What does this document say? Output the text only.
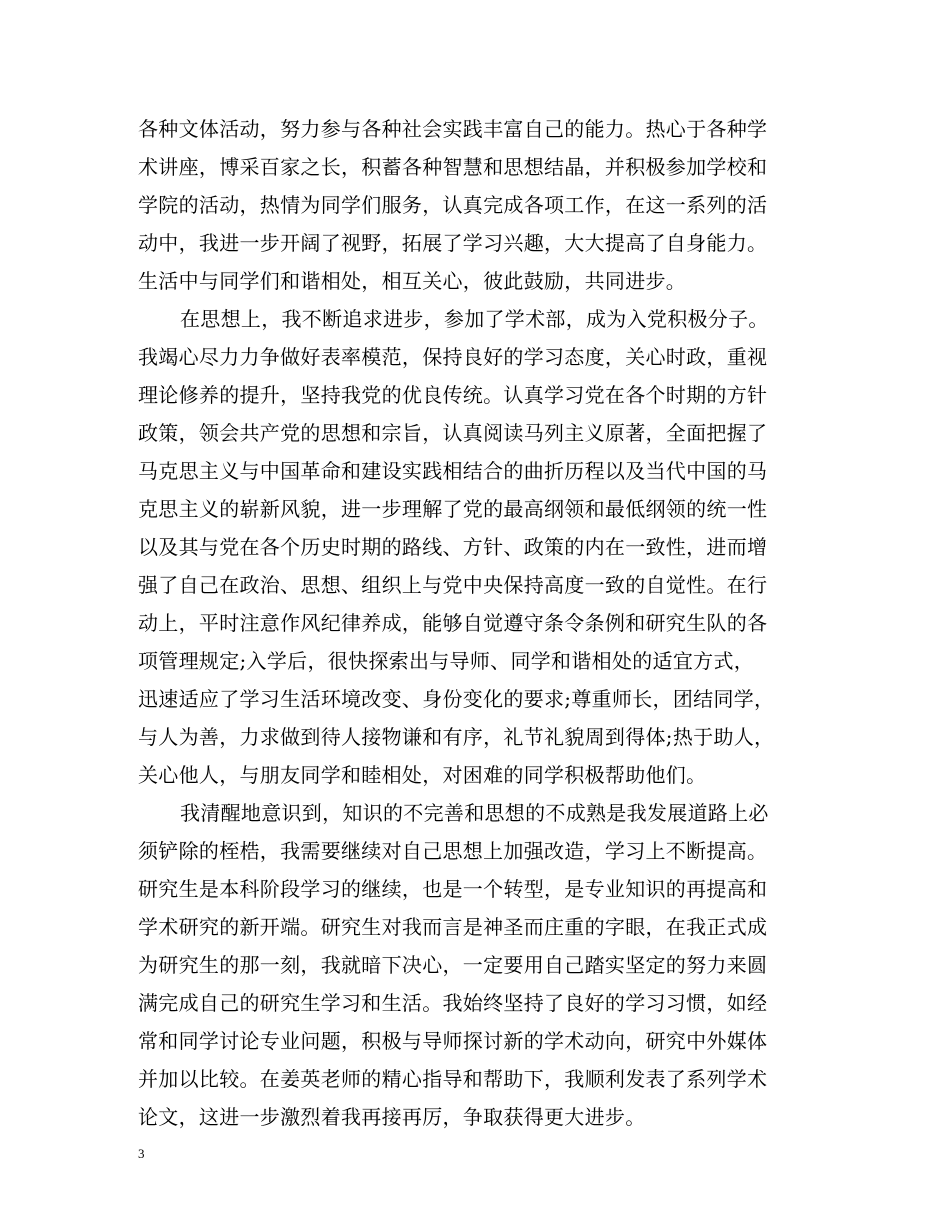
各种文体活动，努力参与各种社会实践丰富自己的能力。热心于各种学
术讲座，博采百家之长，积蓄各种智慧和思想结晶，并积极参加学校和
学院的活动，热情为同学们服务，认真完成各项工作，在这一系列的活
动中，我进一步开阔了视野，拓展了学习兴趣，大大提高了自身能力。
生活中与同学们和谐相处，相互关心，彼此鼓励，共同进步。
在思想上，我不断追求进步，参加了学术部，成为入党积极分子。
我竭心尽力力争做好表率模范，保持良好的学习态度，关心时政，重视
理论修养的提升，坚持我党的优良传统。认真学习党在各个时期的方针
政策，领会共产党的思想和宗旨，认真阅读马列主义原著，全面把握了
马克思主义与中国革命和建设实践相结合的曲折历程以及当代中国的马
克思主义的崭新风貌，进一步理解了党的最高纲领和最低纲领的统一性
以及其与党在各个历史时期的路线、方针、政策的内在一致性，进而增
强了自己在政治、思想、组织上与党中央保持高度一致的自觉性。在行
动上，平时注意作风纪律养成，能够自觉遵守条令条例和研究生队的各
项管理规定;入学后，很快探索出与导师、同学和谐相处的适宜方式，
迅速适应了学习生活环境改变、身份变化的要求;尊重师长，团结同学，
与人为善，力求做到待人接物谦和有序，礼节礼貌周到得体;热于助人，
关心他人，与朋友同学和睦相处，对困难的同学积极帮助他们。
我清醒地意识到，知识的不完善和思想的不成熟是我发展道路上必
须铲除的桎梏，我需要继续对自己思想上加强改造，学习上不断提高。
研究生是本科阶段学习的继续，也是一个转型，是专业知识的再提高和
学术研究的新开端。研究生对我而言是神圣而庄重的字眼，在我正式成
为研究生的那一刻，我就暗下决心，一定要用自己踏实坚定的努力来圆
满完成自己的研究生学习和生活。我始终坚持了良好的学习习惯，如经
常和同学讨论专业问题，积极与导师探讨新的学术动向，研究中外媒体
并加以比较。在姜英老师的精心指导和帮助下，我顺利发表了系列学术
论文，这进一步激烈着我再接再厉，争取获得更大进步。
3
